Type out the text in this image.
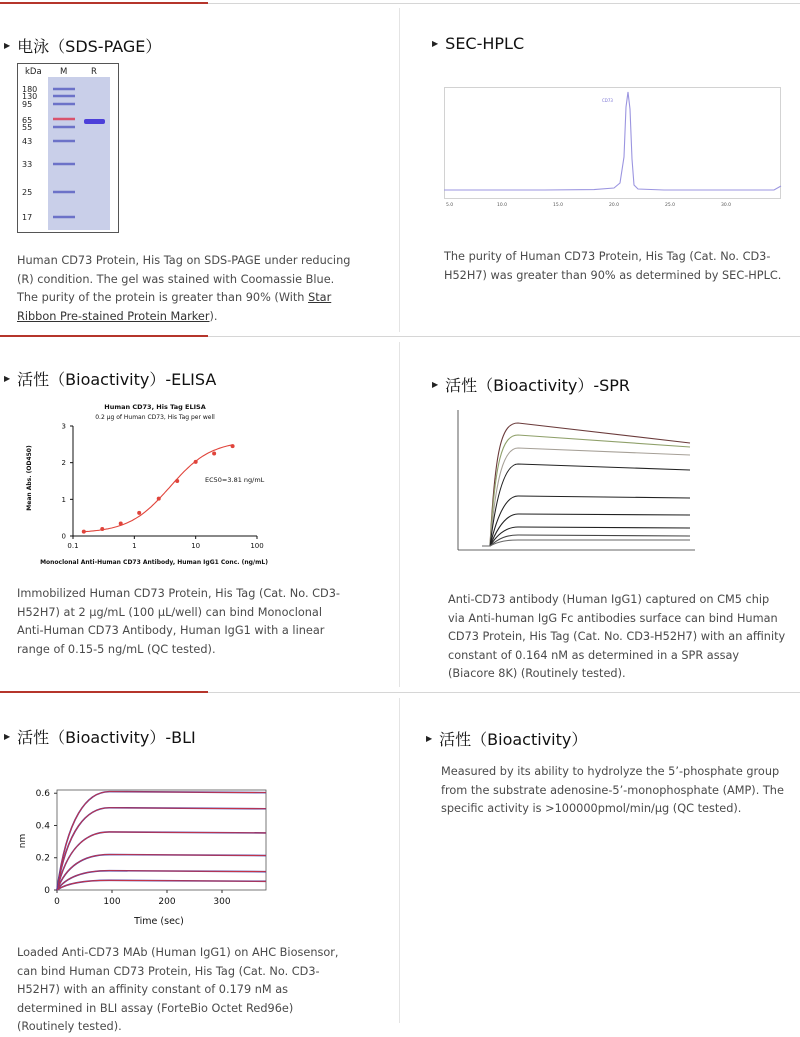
▶ 电泳（SDS-PAGE）
kDa M	R
180
130
95
65
55
43
33
25
17
Human CD73 Protein, His Tag on SDS-PAGE under reducing (R) condition. The gel was stained with Coomassie Blue. The purity of the protein is greater than 90% (With Star Ribbon Pre-stained Protein Marker).
▶ SEC-HPLC
CD73
5.0	10.0	15.0	20.0	25.0	30.0
The purity of Human CD73 Protein, His Tag (Cat. No. CD3-H52H7) was greater than 90% as determined by SEC-HPLC.
▶ 活性（Bioactivity）-ELISA
Human CD73, His Tag ELISA
0.2 μg of Human CD73, His Tag per well
Mean Abs. (OD450)
Monoclonal Anti-Human CD73 Antibody, Human IgG1 Conc. (ng/mL)
EC50=3.81 ng/mL
0
1
2
3
0.1	1	10	100
Immobilized Human CD73 Protein, His Tag (Cat. No. CD3-H52H7) at 2 μg/mL (100 μL/well) can bind Monoclonal Anti-Human CD73 Antibody, Human IgG1 with a linear range of 0.15-5 ng/mL (QC tested).
▶ 活性（Bioactivity）-SPR
Anti-CD73 antibody (Human IgG1) captured on CM5 chip via Anti-human IgG Fc antibodies surface can bind Human CD73 Protein, His Tag (Cat. No. CD3-H52H7) with an affinity constant of 0.164 nM as determined in a SPR assay (Biacore 8K) (Routinely tested).
▶ 活性（Bioactivity）-BLI
nm
Time (sec)
0
0.2
0.4
0.6
0	100	200	300
Loaded Anti-CD73 MAb (Human IgG1) on AHC Biosensor, can bind Human CD73 Protein, His Tag (Cat. No. CD3-H52H7) with an affinity constant of 0.179 nM as determined in BLI assay (ForteBio Octet Red96e) (Routinely tested).
▶ 活性（Bioactivity）
Measured by its ability to hydrolyze the 5’-phosphate group from the substrate adenosine-5’-monophosphate (AMP). The specific activity is >100000pmol/min/μg (QC tested).
